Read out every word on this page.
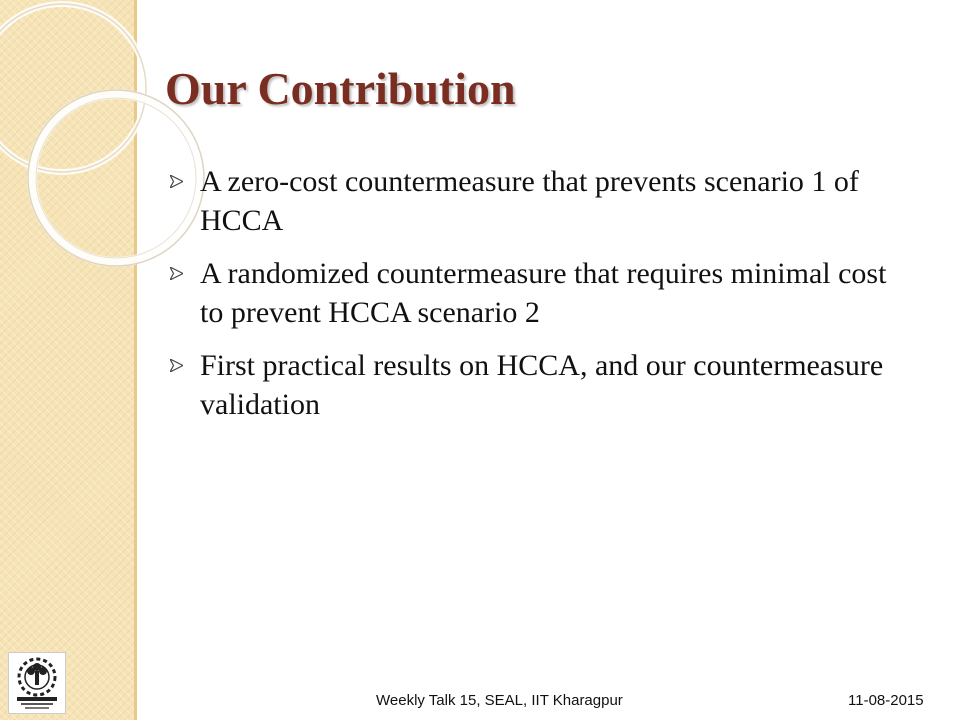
Our Contribution
A zero-cost countermeasure that prevents scenario 1 of HCCA
A randomized countermeasure that requires minimal cost to prevent HCCA scenario 2
First practical results on HCCA, and our countermeasure validation
Weekly Talk 15, SEAL, IIT Kharagpur	11-08-2015
